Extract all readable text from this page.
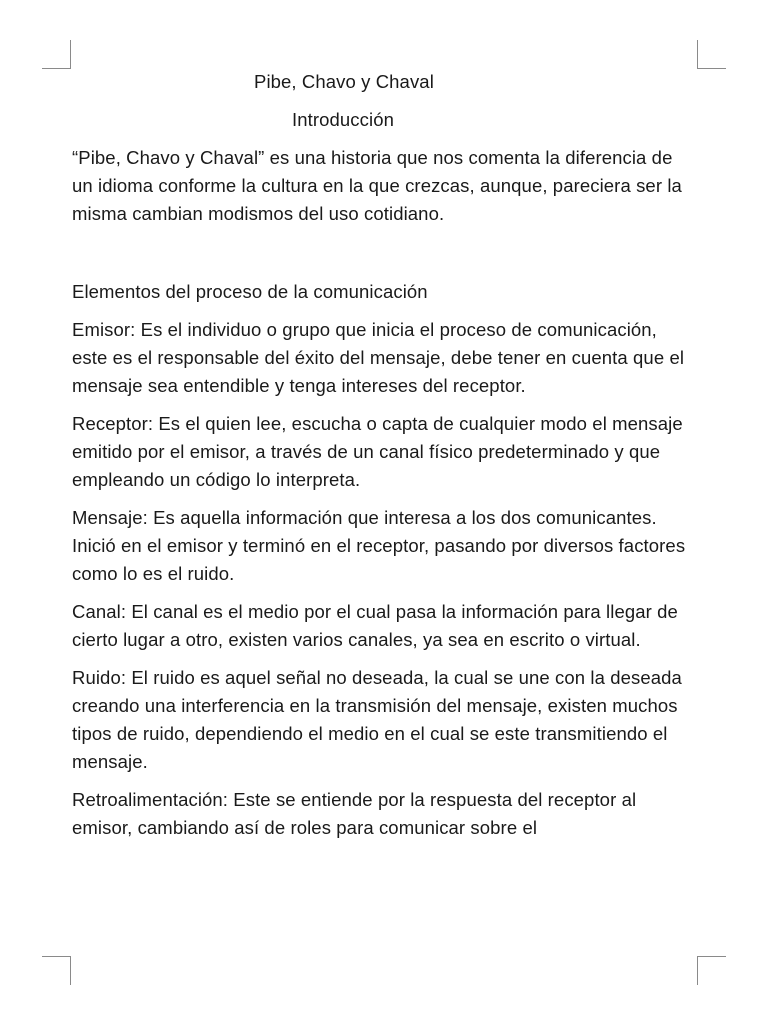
Pibe, Chavo y Chaval
Introducción

“Pibe, Chavo y Chaval” es una historia que nos comenta la diferencia de un idioma conforme la cultura en la que crezcas, aunque, pareciera ser la misma cambian modismos del uso cotidiano.

Elementos del proceso de la comunicación

Emisor: Es el individuo o grupo que inicia el proceso de comunicación, este es el responsable del éxito del mensaje, debe tener en cuenta que el mensaje sea entendible y tenga intereses del receptor.

Receptor: Es el quien lee, escucha o capta de cualquier modo el mensaje emitido por el emisor, a través de un canal físico predeterminado y que empleando un código lo interpreta.

Mensaje: Es aquella información que interesa a los dos comunicantes. Inició en el emisor y terminó en el receptor, pasando por diversos factores como lo es el ruido.

Canal: El canal es el medio por el cual pasa la información para llegar de cierto lugar a otro, existen varios canales, ya sea en escrito o virtual.

Ruido: El ruido es aquel señal no deseada, la cual se une con la deseada creando una interferencia en la transmisión del mensaje, existen muchos tipos de ruido, dependiendo el medio en el cual se este transmitiendo el mensaje.

Retroalimentación: Este se entiende por la respuesta del receptor al emisor, cambiando así de roles para comunicar sobre el
